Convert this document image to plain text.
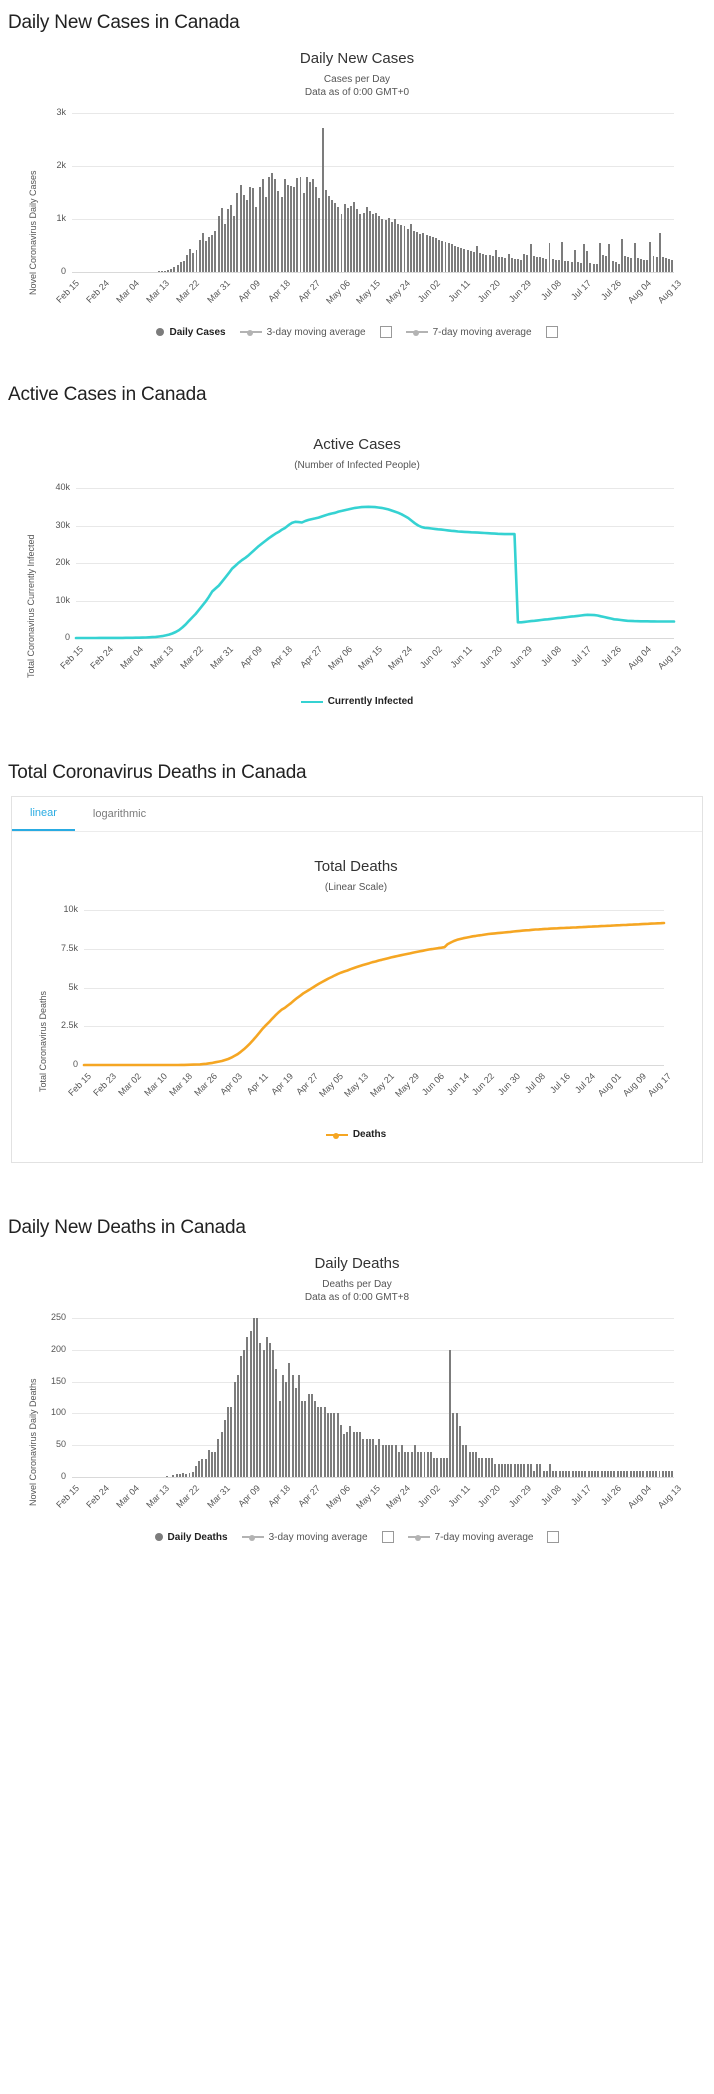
Daily New Cases in Canada
Daily New Cases
Cases per Day
Data as of 0:00 GMT+0
Novel Coronavirus Daily Cases	0
1k
2k
3k
Feb 15 Feb 24 Mar 04 Mar 13 Mar 22 Mar 31 Apr 09 Apr 18 Apr 27 May 06 May 15 May 24 Jun 02 Jun 11 Jun 20 Jun 29 Jul 08 Jul 17 Jul 26 Aug 04 Aug 13
Daily Cases	3-day moving average	7-day moving average
Active Cases in Canada
Active Cases
(Number of Infected People)
Total Coronavirus Currently Infected	0
10k
20k
30k
40k
Feb 15 Feb 24 Mar 04 Mar 13 Mar 22 Mar 31 Apr 09 Apr 18 Apr 27 May 06 May 15 May 24 Jun 02 Jun 11 Jun 20 Jun 29 Jul 08 Jul 17 Jul 26 Aug 04 Aug 13
Currently Infected
Total Coronavirus Deaths in Canada
linear	logarithmic
Total Deaths
(Linear Scale)
Total Coronavirus Deaths	0
2.5k
5k
7.5k
10k
Feb 15
Feb 23
Mar 02
Mar 10
Mar 18
Mar 26 Apr 03 Apr 11 Apr 19 Apr 27
May 05
May 13
May 21
May 29 Jun 06 Jun 14 Jun 22 Jun 30 Jul 08 Jul 16 Jul 24
Aug 01
Aug 09
Aug 17
Deaths
Daily New Deaths in Canada
Daily Deaths
Deaths per Day
Data as of 0:00 GMT+8
Novel Coronavirus Daily Deaths	0
50
100
150
200
250
Feb 15 Feb 24 Mar 04 Mar 13 Mar 22 Mar 31 Apr 09 Apr 18 Apr 27 May 06 May 15 May 24 Jun 02 Jun 11 Jun 20 Jun 29 Jul 08 Jul 17 Jul 26 Aug 04 Aug 13
Daily Deaths	3-day moving average	7-day moving average
